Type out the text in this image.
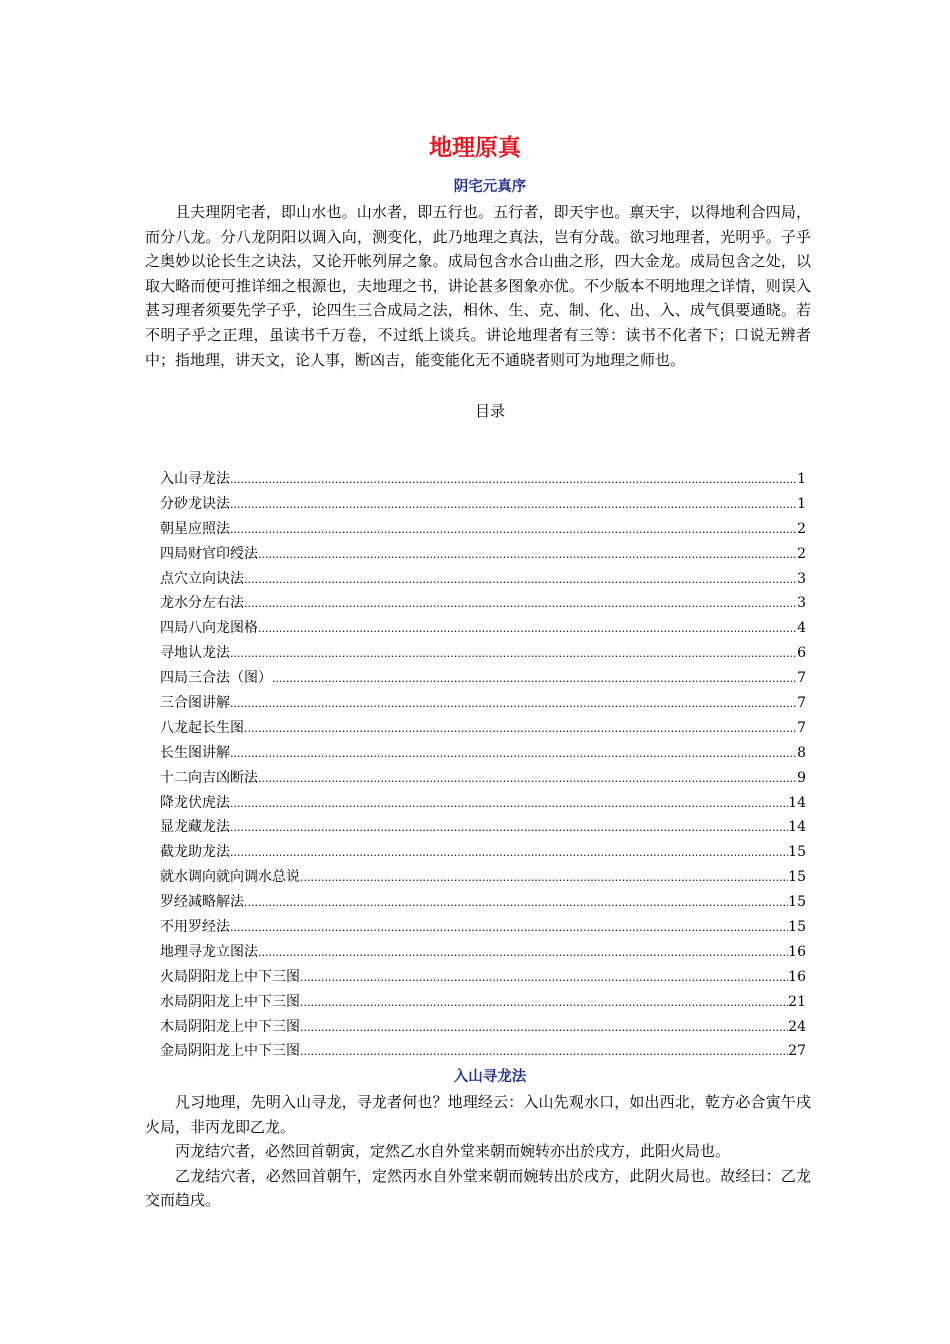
地理原真
阴宅元真序

且夫理阴宅者，即山水也。山水者，即五行也。五行者，即天宇也。禀天宇，以得地利合四局，而分八龙。分八龙阴阳以调入向，测变化，此乃地理之真法，岂有分哉。欲习地理者，光明乎。子乎之奥妙以论长生之诀法，又论开帐列屏之象。成局包含水合山曲之形，四大金龙。成局包含之处，以取大略而便可推详细之根源也，夫地理之书，讲论甚多图象亦优。不少版本不明地理之详情，则误入甚习理者须要先学子乎，论四生三合成局之法，相休、生、克、制、化、出、入、成气俱要通晓。若不明子乎之正理，虽读书千万卷，不过纸上谈兵。讲论地理者有三等：读书不化者下；口说无辨者中；指地理，讲天文，论人事，断凶吉，能变能化无不通晓者则可为地理之师也。

目录
入山寻龙法 .....	1
分砂龙诀法 .....	1
朝星应照法 .....	2
四局财官印绶法 .....	2
点穴立向诀法 .....	3
龙水分左右法 .....	3
四局八向龙图格 .....	4
寻地认龙法 .....	6
四局三合法（图） .....	7
三合图讲解 .....	7
八龙起长生图 .....	7
长生图讲解 .....	8
十二向吉凶断法 .....	9
降龙伏虎法 .....	14
显龙藏龙法 .....	14
截龙助龙法 .....	15
就水调向就向调水总说 .....	15
罗经减略解法 .....	15
不用罗经法 .....	15
地理寻龙立图法 .....	16
火局阴阳龙上中下三图 .....	16
水局阴阳龙上中下三图 .....	21
木局阴阳龙上中下三图 .....	24
金局阴阳龙上中下三图 .....	27
入山寻龙法

凡习地理，先明入山寻龙，寻龙者何也？地理经云：入山先观水口，如出西北，乾方必合寅午戌火局，非丙龙即乙龙。

丙龙结穴者，必然回首朝寅，定然乙水自外堂来朝而婉转亦出於戌方，此阳火局也。

乙龙结穴者，必然回首朝午，定然丙水自外堂来朝而婉转出於戌方，此阴火局也。故经曰：乙龙交而趋戌。
